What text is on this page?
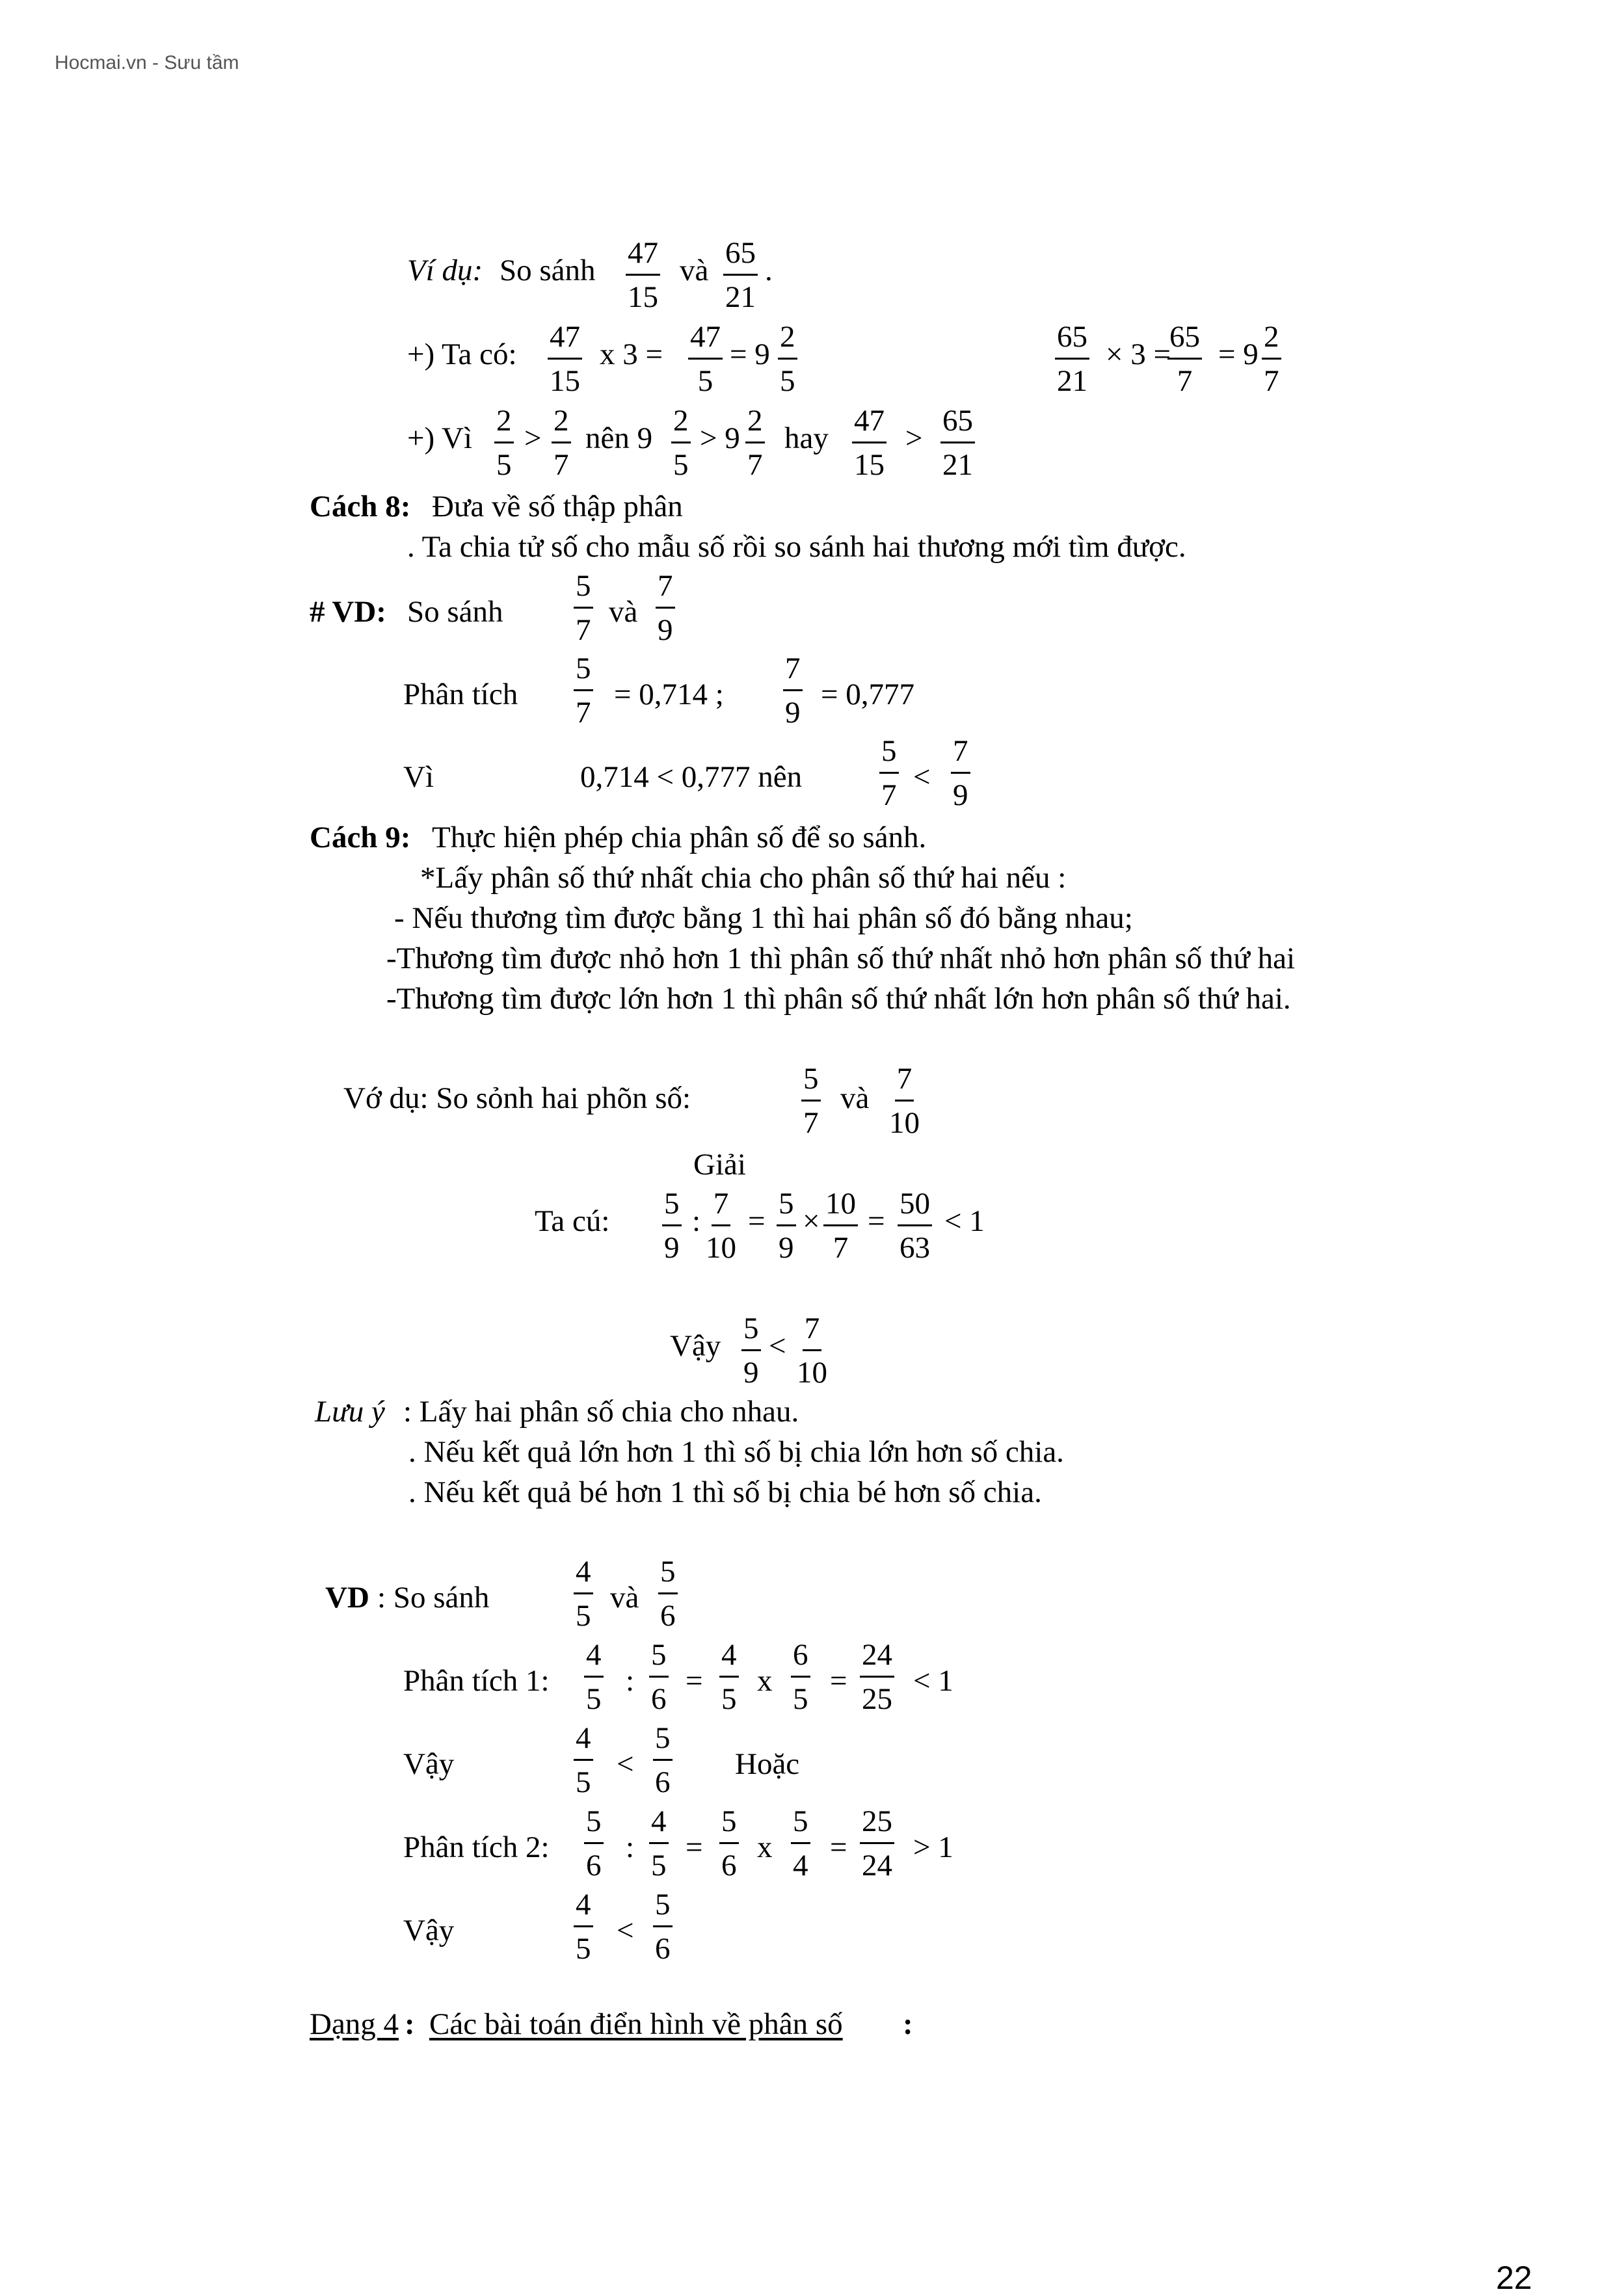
Hocmai.vn - Sưu tầm
Ví dụ: So sánh $\frac{47}{15}$ và $\frac{65}{21}$ .
+) Ta có: $\frac{47}{15}$ x $3 = \frac{47}{5} = 9 \frac{2}{5}$	$\frac{65}{21} \times 3$ =
$\frac{65}{7} = 9 \frac{2}{7}$
+) Vì $\frac{2}{5} > \frac{2}{7}$ nên $9 \frac{2}{5} > 9 \frac{2}{7}$ hay $\frac{47}{15} > \frac{65}{21}$
Cách 8: Đưa về số thập phân
. Ta chia tử số cho mẫu số rồi so sánh hai thương mới tìm được.
# VD: So sánh $\frac{5}{7}$ và $\frac{7}{9}$
Phân tích $\frac{5}{7} = 0,714$ ; $\frac{7}{9} = 0,777$
Vì	0,714 < 0,777 nên	$\frac{5}{7} < \frac{7}{9}$
Cách 9: Thực hiện phép chia phân số để so sánh.
*Lấy phân số thứ nhất chia cho phân số thứ hai nếu :
- Nếu thương tìm được bằng 1 thì hai phân số đó bằng nhau;
-Thương tìm được nhỏ hơn 1 thì phân số thứ nhất nhỏ hơn phân số thứ hai
-Thương tìm được lớn hơn 1 thì phân số thứ nhất lớn hơn phân số thứ hai.
Vớ dụ: So sỏnh hai phõn số:	$\frac{5}{7}$ và $\frac{7}{10}$
Giải
Ta cú: $\frac{5}{9}$ : $\frac{7}{10} = \frac{5}{9} \times \frac{10}{7} = \frac{50}{63} < 1$
Vậy $\frac{5}{9} < \frac{7}{10}$
Lưu ý : Lấy hai phân số chia cho nhau.
. Nếu kết quả lớn hơn 1 thì số bị chia lớn hơn số chia.
. Nếu kết quả bé hơn 1 thì số bị chia bé hơn số chia.
VD : So sánh	$\frac{4}{5}$ và $\frac{5}{6}$
Phân tích 1: $\frac{4}{5}$ : $\frac{5}{6} = \frac{4}{5}$ x $\frac{6}{5} = \frac{24}{25} < 1$
Vậy	$\frac{4}{5} < \frac{5}{6}$ Hoặc
Phân tích 2: $\frac{5}{6}$ : $\frac{4}{5} = \frac{5}{6}$ x $\frac{5}{4} = \frac{25}{24} > 1$
Vậy	$\frac{4}{5} < \frac{5}{6}$
Dạng 4 : Các bài toán điển hình về phân số :
22
